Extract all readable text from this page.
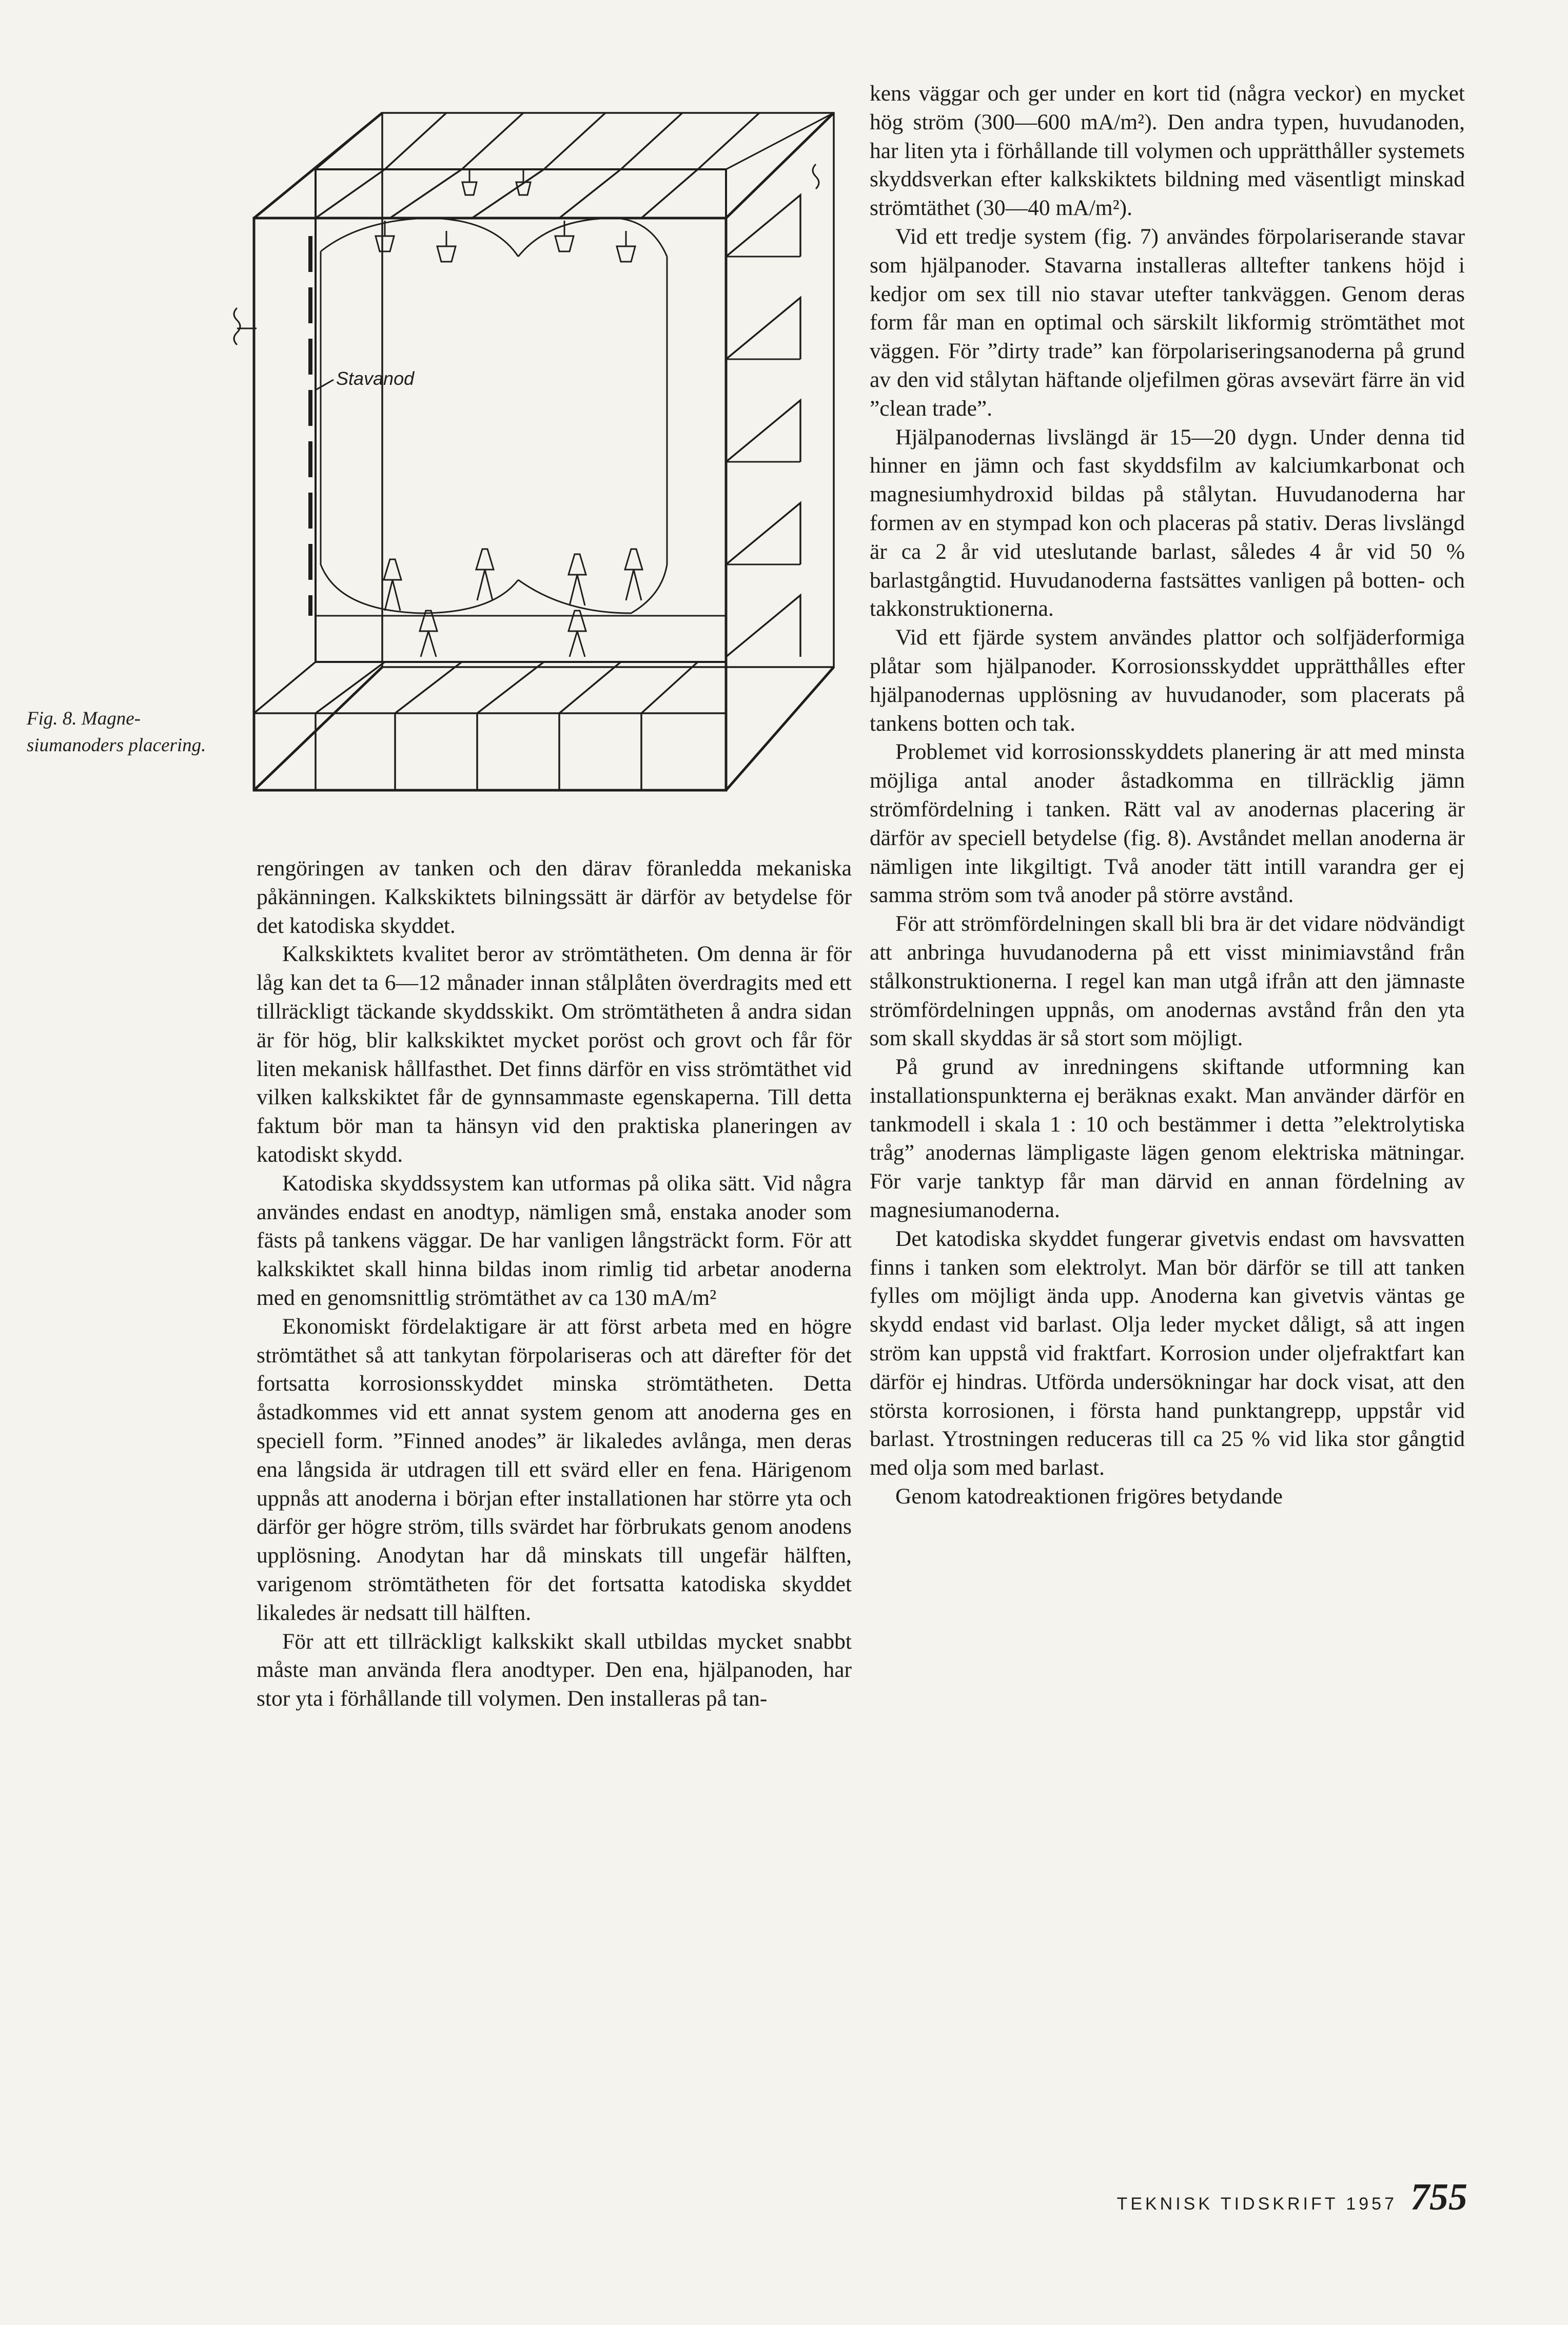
Stavanod
Fig. 8. Magnesiumanoders placering.

rengöringen av tanken och den därav föranledda mekaniska påkänningen. Kalkskiktets bilningssätt är därför av betydelse för det katodiska skyddet.

Kalkskiktets kvalitet beror av strömtätheten. Om denna är för låg kan det ta 6—12 månader innan stålplåten överdragits med ett tillräckligt täckande skyddsskikt. Om strömtätheten å andra sidan är för hög, blir kalkskiktet mycket poröst och grovt och får för liten mekanisk hållfasthet. Det finns därför en viss strömtäthet vid vilken kalkskiktet får de gynnsammaste egenskaperna. Till detta faktum bör man ta hänsyn vid den praktiska planeringen av katodiskt skydd.

Katodiska skyddssystem kan utformas på olika sätt. Vid några användes endast en anodtyp, nämligen små, enstaka anoder som fästs på tankens väggar. De har vanligen långsträckt form. För att kalkskiktet skall hinna bildas inom rimlig tid arbetar anoderna med en genomsnittlig strömtäthet av ca 130 mA/m²

Ekonomiskt fördelaktigare är att först arbeta med en högre strömtäthet så att tankytan förpolariseras och att därefter för det fortsatta korrosionsskyddet minska strömtätheten. Detta åstadkommes vid ett annat system genom att anoderna ges en speciell form. ”Finned anodes” är likaledes avlånga, men deras ena långsida är utdragen till ett svärd eller en fena. Härigenom uppnås att anoderna i början efter installationen har större yta och därför ger högre ström, tills svärdet har förbrukats genom anodens upplösning. Anodytan har då minskats till ungefär hälften, varigenom strömtätheten för det fortsatta katodiska skyddet likaledes är nedsatt till hälften.

För att ett tillräckligt kalkskikt skall utbildas mycket snabbt måste man använda flera anodtyper. Den ena, hjälpanoden, har stor yta i förhållande till volymen. Den installeras på tan-

kens väggar och ger under en kort tid (några veckor) en mycket hög ström (300—600 mA/m²). Den andra typen, huvudanoden, har liten yta i förhållande till volymen och upprätthåller systemets skyddsverkan efter kalkskiktets bildning med väsentligt minskad strömtäthet (30—40 mA/m²).

Vid ett tredje system (fig. 7) användes förpolariserande stavar som hjälpanoder. Stavarna installeras alltefter tankens höjd i kedjor om sex till nio stavar utefter tankväggen. Genom deras form får man en optimal och särskilt likformig strömtäthet mot väggen. För ”dirty trade” kan förpolariseringsanoderna på grund av den vid stålytan häftande oljefilmen göras avsevärt färre än vid ”clean trade”.

Hjälpanodernas livslängd är 15—20 dygn. Under denna tid hinner en jämn och fast skyddsfilm av kalciumkarbonat och magnesiumhydroxid bildas på stålytan. Huvudanoderna har formen av en stympad kon och placeras på stativ. Deras livslängd är ca 2 år vid uteslutande barlast, således 4 år vid 50 % barlastgångtid. Huvudanoderna fastsättes vanligen på botten- och takkonstruktionerna.

Vid ett fjärde system användes plattor och solfjäderformiga plåtar som hjälpanoder. Korrosionsskyddet upprätthålles efter hjälpanodernas upplösning av huvudanoder, som placerats på tankens botten och tak.

Problemet vid korrosionsskyddets planering är att med minsta möjliga antal anoder åstadkomma en tillräcklig jämn strömfördelning i tanken. Rätt val av anodernas placering är därför av speciell betydelse (fig. 8). Avståndet mellan anoderna är nämligen inte likgiltigt. Två anoder tätt intill varandra ger ej samma ström som två anoder på större avstånd.

För att strömfördelningen skall bli bra är det vidare nödvändigt att anbringa huvudanoderna på ett visst minimiavstånd från stålkonstruktionerna. I regel kan man utgå ifrån att den jämnaste strömfördelningen uppnås, om anodernas avstånd från den yta som skall skyddas är så stort som möjligt.

På grund av inredningens skiftande utformning kan installationspunkterna ej beräknas exakt. Man använder därför en tankmodell i skala 1 : 10 och bestämmer i detta ”elektrolytiska tråg” anodernas lämpligaste lägen genom elektriska mätningar. För varje tanktyp får man därvid en annan fördelning av magnesiumanoderna.

Det katodiska skyddet fungerar givetvis endast om havsvatten finns i tanken som elektrolyt. Man bör därför se till att tanken fylles om möjligt ända upp. Anoderna kan givetvis väntas ge skydd endast vid barlast. Olja leder mycket dåligt, så att ingen ström kan uppstå vid fraktfart. Korrosion under oljefraktfart kan därför ej hindras. Utförda undersökningar har dock visat, att den största korrosionen, i första hand punktangrepp, uppstår vid barlast. Ytrostningen reduceras till ca 25 % vid lika stor gångtid med olja som med barlast.

Genom katodreaktionen frigöres betydande

TEKNISK TIDSKRIFT 1957 755
